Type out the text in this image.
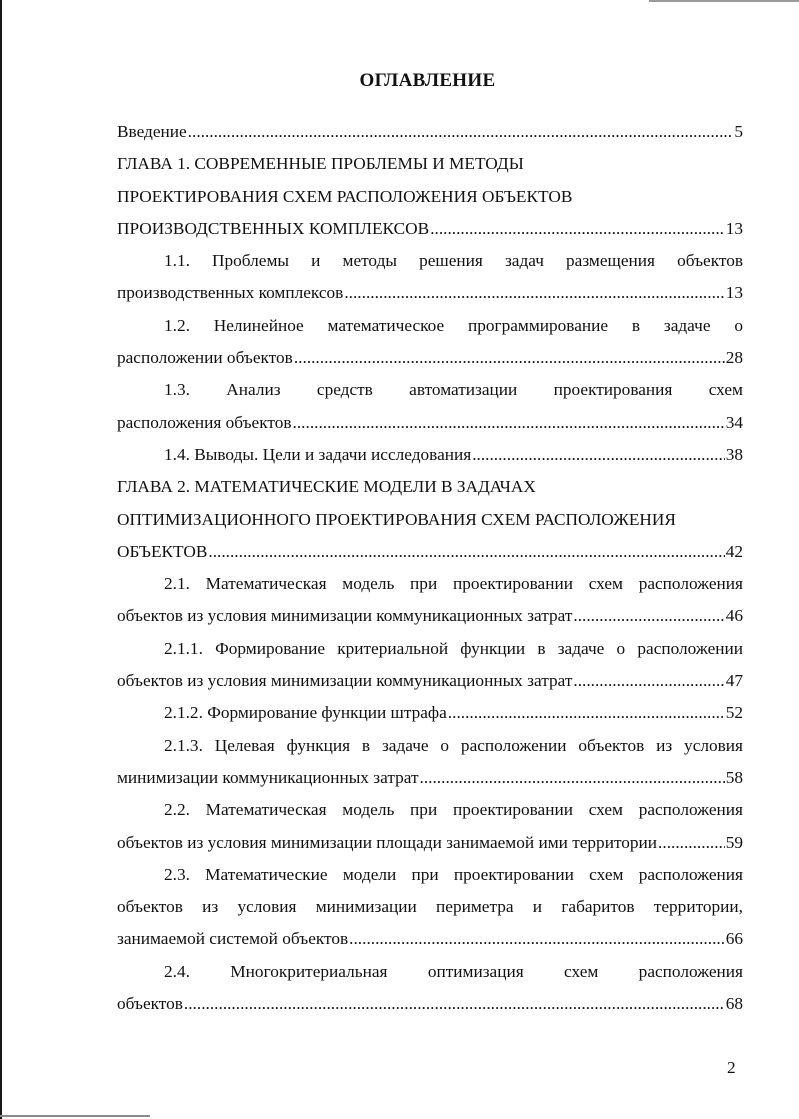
ОГЛАВЛЕНИЕ
Введение .....	5
ГЛАВА 1. СОВРЕМЕННЫЕ ПРОБЛЕМЫ И МЕТОДЫ
ПРОЕКТИРОВАНИЯ СХЕМ РАСПОЛОЖЕНИЯ ОБЪЕКТОВ
ПРОИЗВОДСТВЕННЫХ КОМПЛЕКСОВ .....	13
1.1. Проблемы и методы решения задач размещения объектов
производственных комплексов .....	13
1.2. Нелинейное математическое программирование в задаче о
расположении объектов .....	28
1.3. Анализ средств автоматизации проектирования схем
расположения объектов .....	34
1.4. Выводы. Цели и задачи исследования .....	38
ГЛАВА 2. МАТЕМАТИЧЕСКИЕ МОДЕЛИ В ЗАДАЧАХ
ОПТИМИЗАЦИОННОГО ПРОЕКТИРОВАНИЯ СХЕМ РАСПОЛОЖЕНИЯ
ОБЪЕКТОВ .....	42
2.1. Математическая модель при проектировании схем расположения
объектов из условия минимизации коммуникационных затрат .....	46
2.1.1. Формирование критериальной функции в задаче о расположении
объектов из условия минимизации коммуникационных затрат .....	47
2.1.2. Формирование функции штрафа .....	52
2.1.3. Целевая функция в задаче о расположении объектов из условия
минимизации коммуникационных затрат .....	58
2.2. Математическая модель при проектировании схем расположения
объектов из условия минимизации площади занимаемой ими территории .....	59
2.3. Математические модели при проектировании схем расположения
объектов из условия минимизации периметра и габаритов территории,
занимаемой системой объектов .....	66
2.4. Многокритериальная оптимизация схем расположения
объектов .....	68
2
